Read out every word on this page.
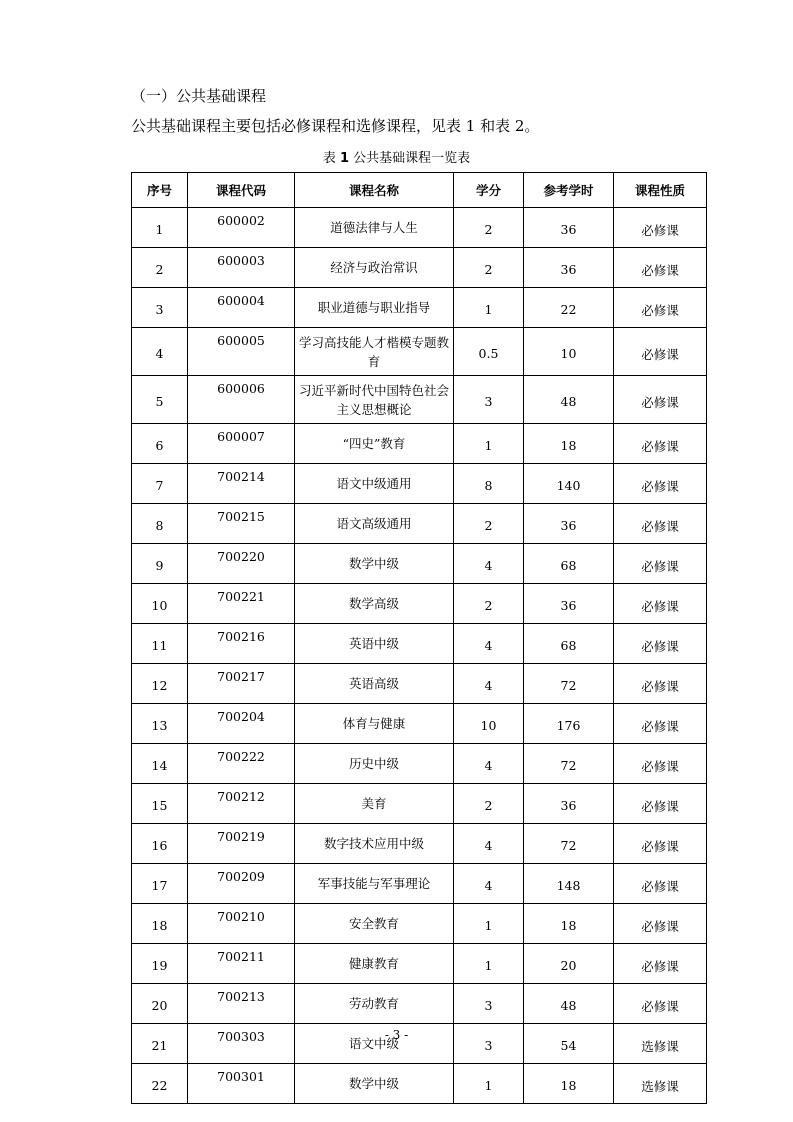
（一）公共基础课程
公共基础课程主要包括必修课程和选修课程，见表 1 和表 2。
表 1 公共基础课程一览表
序号	课程代码	课程名称	学分	参考学时	课程性质
1	600002	道德法律与人生	2	36	必修课
2	600003	经济与政治常识	2	36	必修课
3	600004	职业道德与职业指导	1	22	必修课
4	600005	学习高技能人才楷模专题教育	0.5	10	必修课
5	600006	习近平新时代中国特色社会主义思想概论	3	48	必修课
6	600007	“四史”教育	1	18	必修课
7	700214	语文中级通用	8	140	必修课
8	700215	语文高级通用	2	36	必修课
9	700220	数学中级	4	68	必修课
10	700221	数学高级	2	36	必修课
11	700216	英语中级	4	68	必修课
12	700217	英语高级	4	72	必修课
13	700204	体育与健康	10	176	必修课
14	700222	历史中级	4	72	必修课
15	700212	美育	2	36	必修课
16	700219	数字技术应用中级	4	72	必修课
17	700209	军事技能与军事理论	4	148	必修课
18	700210	安全教育	1	18	必修课
19	700211	健康教育	1	20	必修课
20	700213	劳动教育	3	48	必修课
21	700303	语文中级	3	54	选修课
22	700301	数学中级	1	18	选修课
- 3 -
